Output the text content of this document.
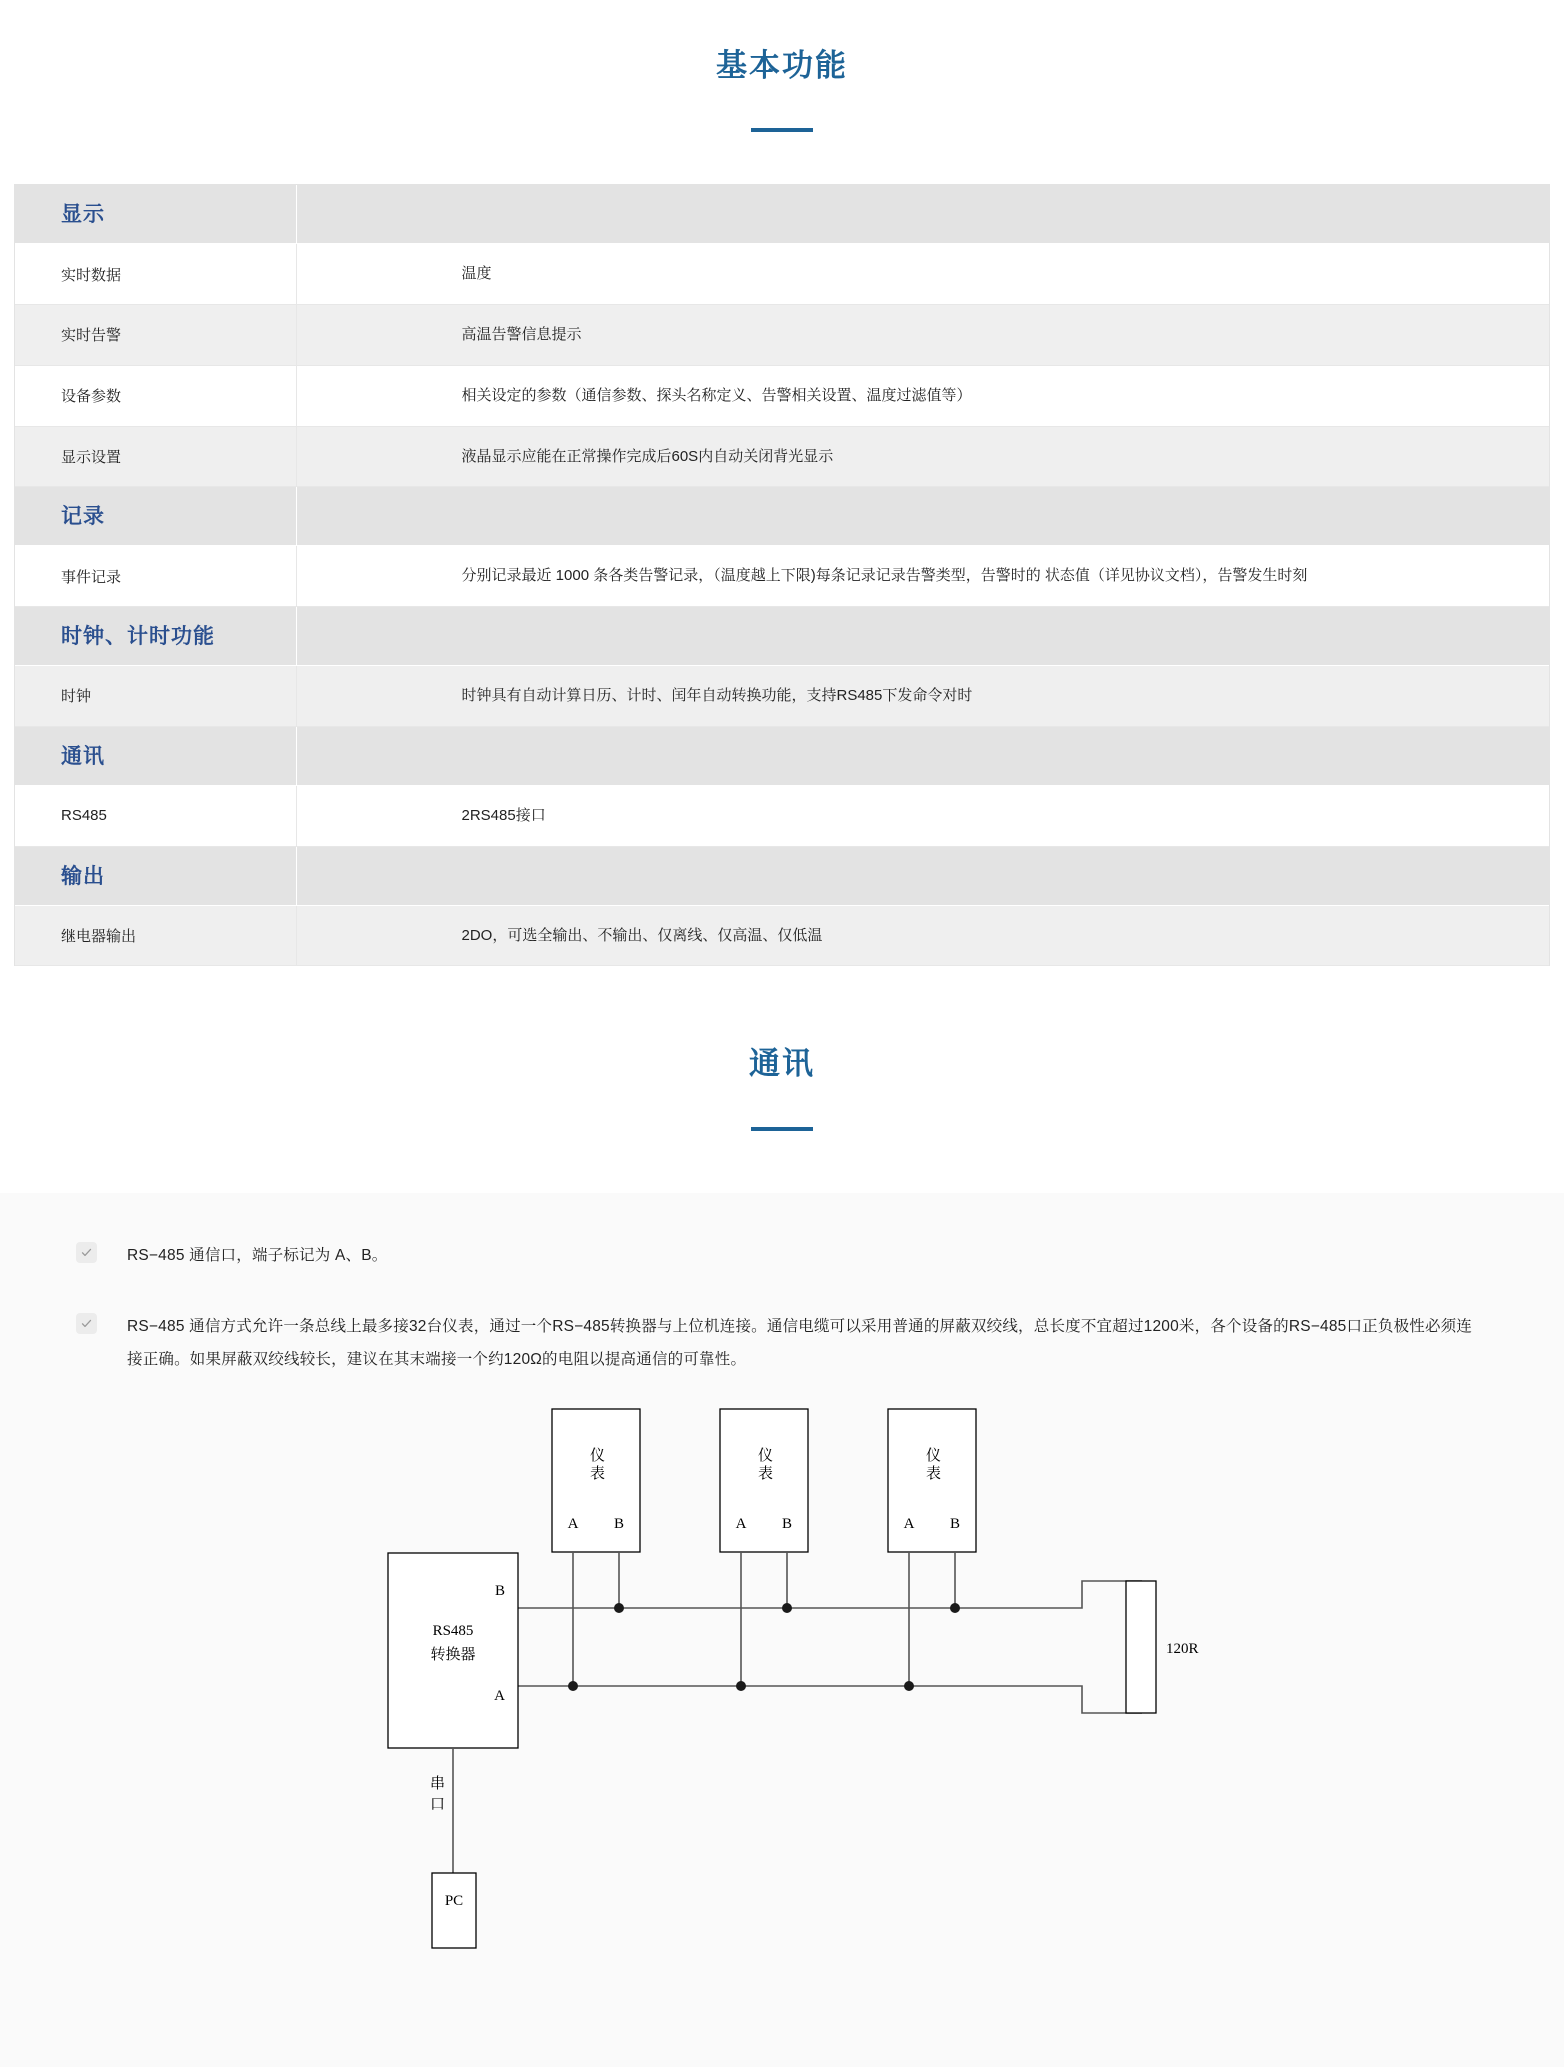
基本功能
显示	
实时数据	温度
实时告警	高温告警信息提示
设备参数	相关设定的参数（通信参数、探头名称定义、告警相关设置、温度过滤值等）
显示设置	液晶显示应能在正常操作完成后60S内自动关闭背光显示
记录	
事件记录	分别记录最近 1000 条各类告警记录，（温度越上下限)每条记录记录告警类型，告警时的 状态值（详见协议文档），告警发生时刻
时钟、计时功能	
时钟	时钟具有自动计算日历、计时、闰年自动转换功能，支持RS485下发命令对时
通讯	
RS485	2RS485接口
输出	
继电器输出	2DO，可选全输出、不输出、仅离线、仅高温、仅低温
通讯
RS−485 通信口，端子标记为 A、B。
RS−485 通信方式允许一条总线上最多接32台仪表，通过一个RS−485转换器与上位机连接。通信电缆可以采用普通的屏蔽双绞线，总长度不宜超过1200米，各个设备的RS−485口正负极性必须连接正确。如果屏蔽双绞线较长，建议在其末端接一个约120Ω的电阻以提高通信的可靠性。
RS485
转换器
B
A
仪表
A B
仪表
A B
仪表
A B
120R
串
口
PC
